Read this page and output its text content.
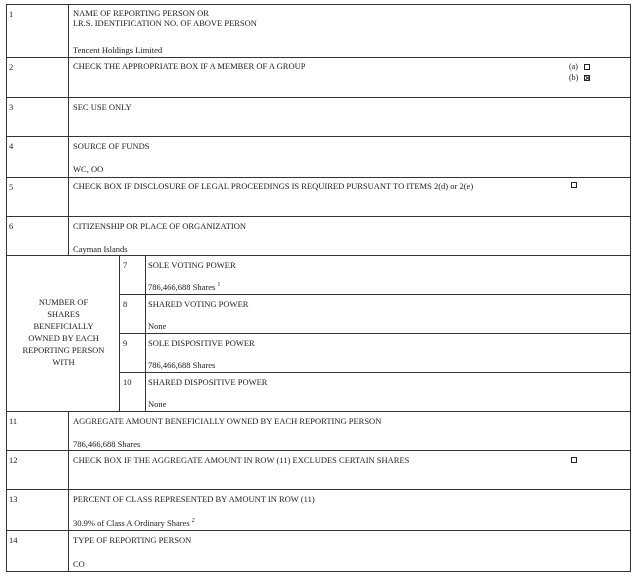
1	NAME OF REPORTING PERSON OR
I.R.S. IDENTIFICATION NO. OF ABOVE PERSON
Tencent Holdings Limited
2	CHECK THE APPROPRIATE BOX IF A MEMBER OF A GROUP	(a)
(b)
3	SEC USE ONLY
4	SOURCE OF FUNDS
WC, OO
5	CHECK BOX IF DISCLOSURE OF LEGAL PROCEEDINGS IS REQUIRED PURSUANT TO ITEMS 2(d) or 2(e)
6	CITIZENSHIP OR PLACE OF ORGANIZATION
Cayman Islands
NUMBER OF
SHARES
BENEFICIALLY
OWNED BY EACH
REPORTING PERSON
WITH
7 SOLE VOTING POWER
786,466,688 Shares $^1$
8 SHARED VOTING POWER
None
9 SOLE DISPOSITIVE POWER
786,466,688 Shares
10 SHARED DISPOSITIVE POWER
None
11	AGGREGATE AMOUNT BENEFICIALLY OWNED BY EACH REPORTING PERSON
786,466,688 Shares
12	CHECK BOX IF THE AGGREGATE AMOUNT IN ROW (11) EXCLUDES CERTAIN SHARES
13	PERCENT OF CLASS REPRESENTED BY AMOUNT IN ROW (11)
30.9% of Class A Ordinary Shares $^2$
14	TYPE OF REPORTING PERSON
CO
